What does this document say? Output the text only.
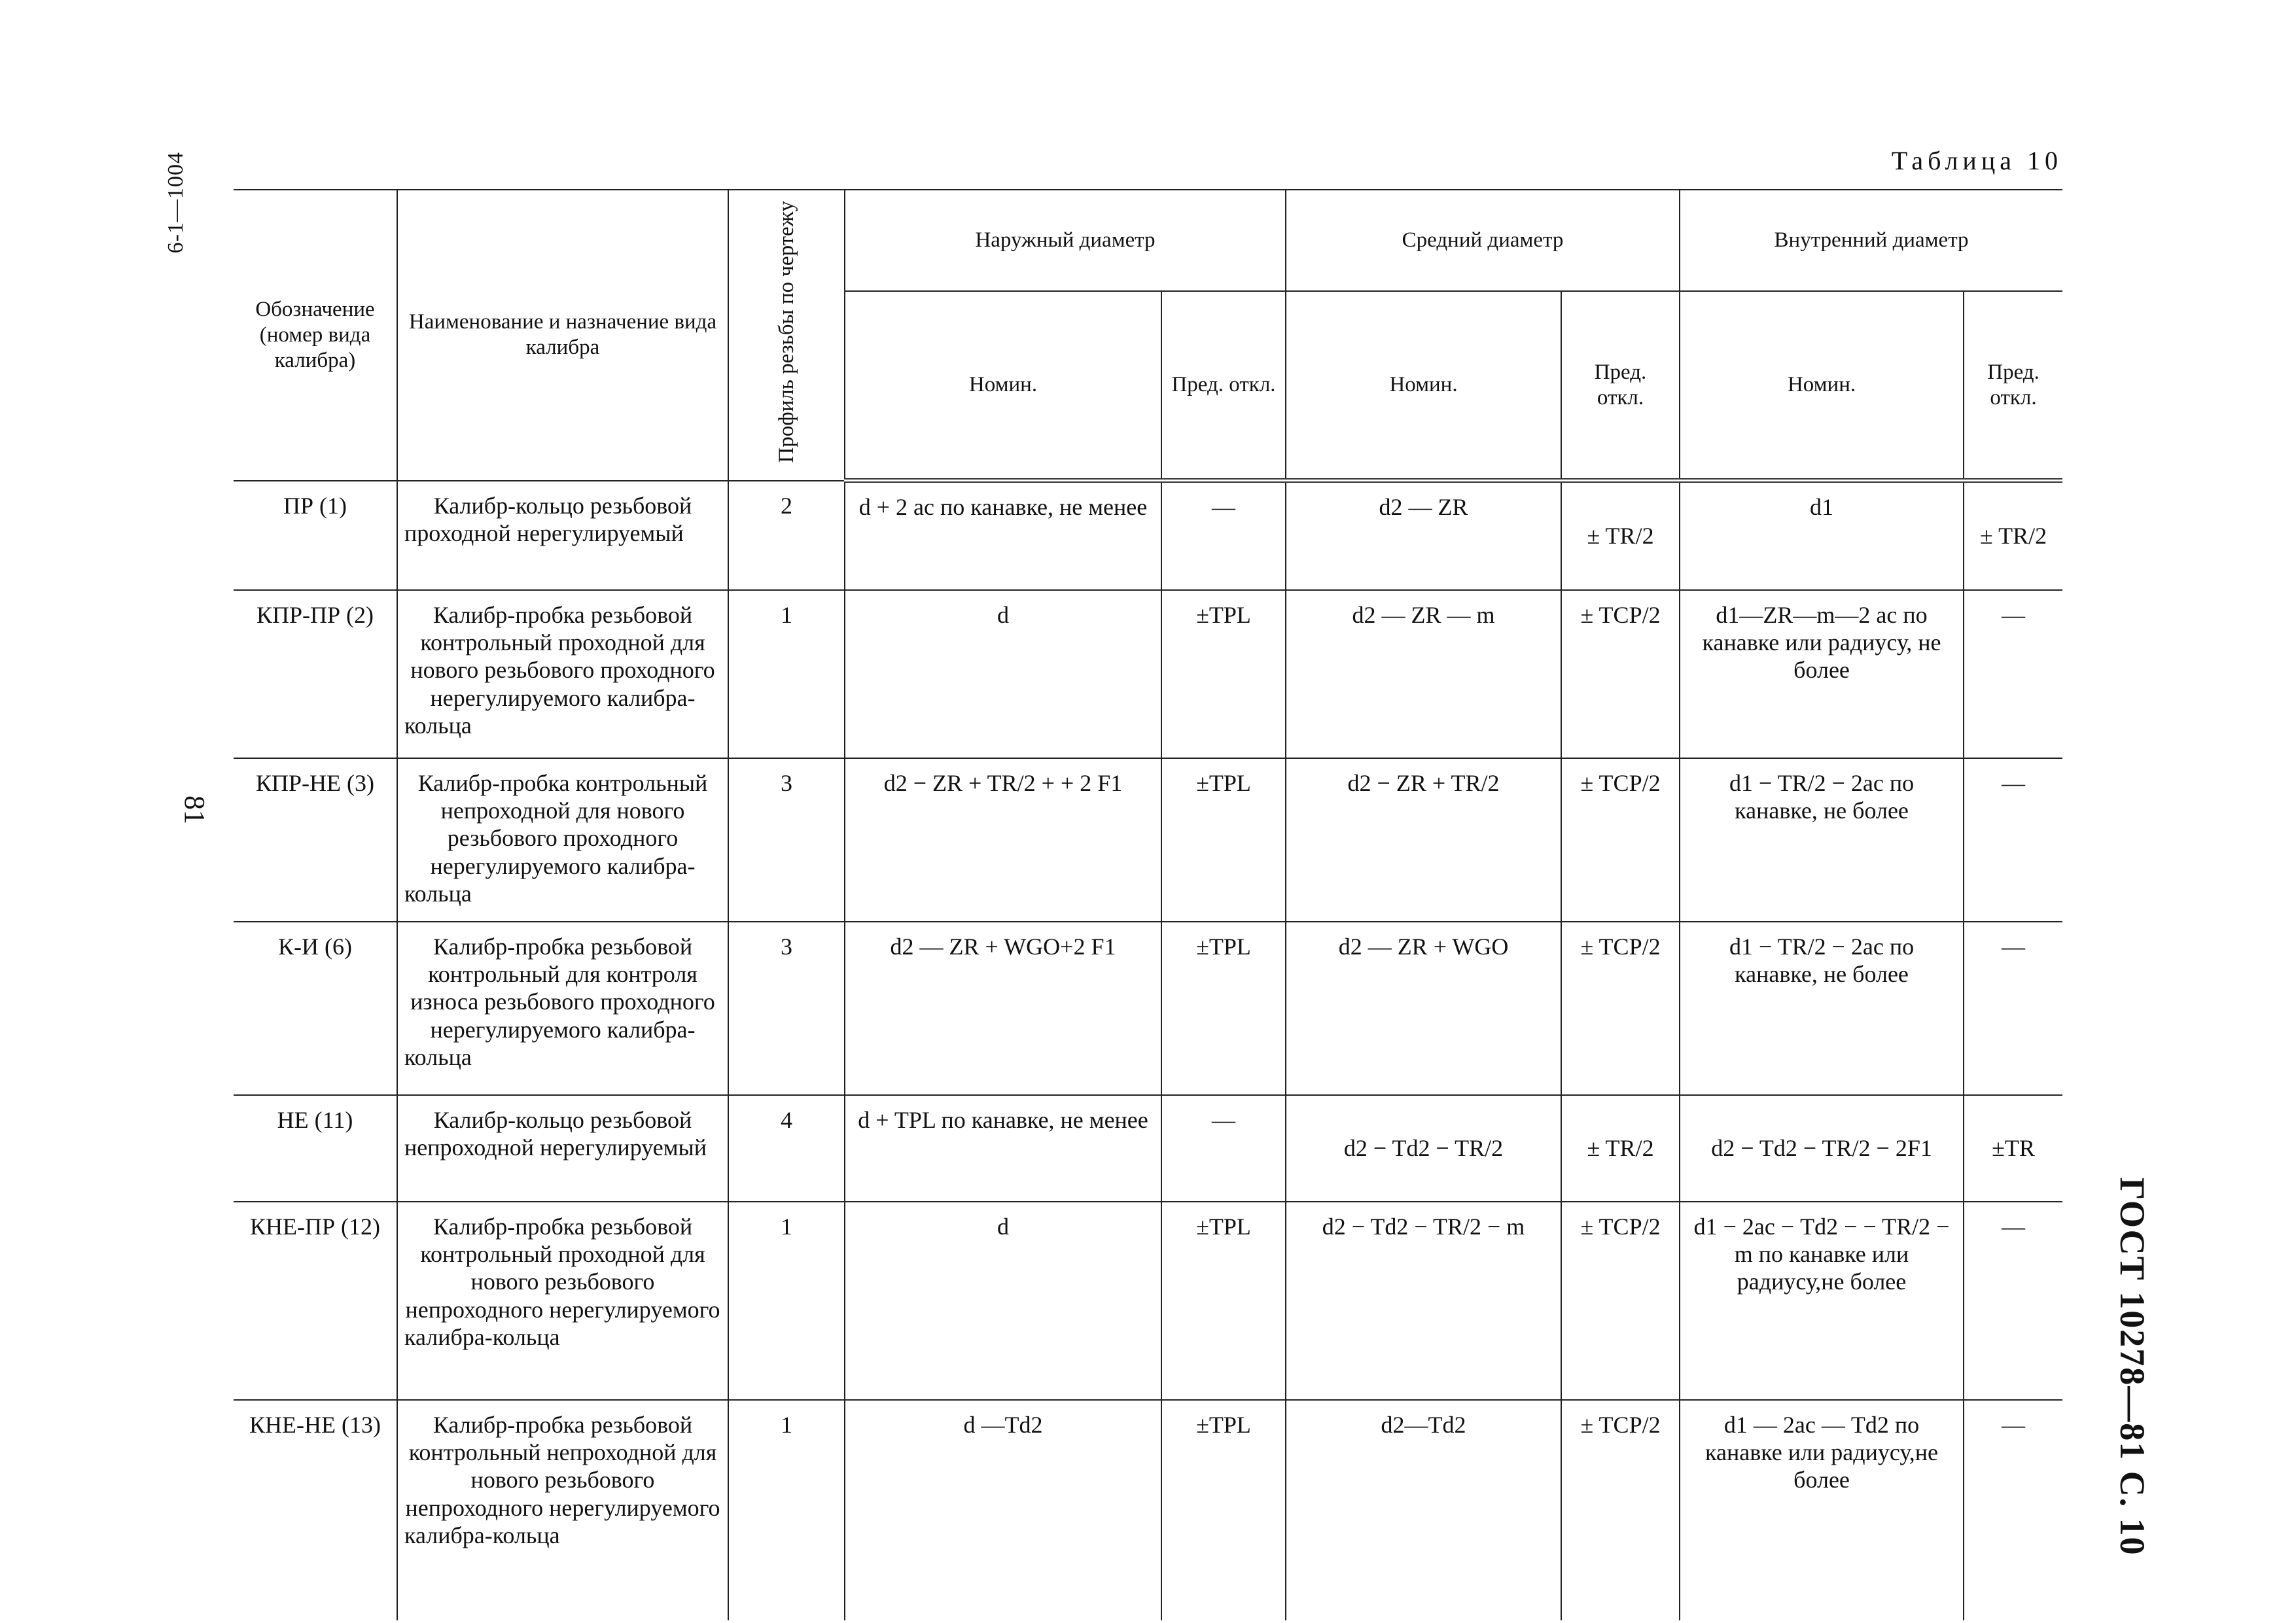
6-1—1004
81
ГОСТ 10278—81 С. 10
Таблица 10
Обозначение (номер вида калибра)	Наименование и назначение вида калибра	Профиль резьбы по чертежу	Наружный диаметр		Средний диаметр		Внутренний диаметр	
			Номин.	Пред. откл.	Номин.	Пред. откл.	Номин.	Пред. откл.
ПР (1)	Калибр-кольцо резьбовой проходной нерегулируемый	2	d + 2 aс по канавке, не менее	—	d2 — ZR	± TR/2	d1	± TR/2
КПР-ПР (2)	Калибр-пробка резьбовой контрольный проходной для нового резьбового проходного нерегулируемого калибра-кольца	1	d	±TPL	d2 — ZR — m	± TCP/2	d1—ZR—m—2 aс по канавке или радиусу, не более	—
КПР-НЕ (3)	Калибр-пробка контрольный непроходной для нового резьбового проходного нерегулируемого калибра-кольца	3	d2 − ZR + TR/2 + + 2 F1	±TPL	d2 − ZR + TR/2	± TCP/2	d1 − TR/2 − 2aс по канавке, не более	—
К-И (6)	Калибр-пробка резьбовой контрольный для контроля износа резьбового проходного нерегулируемого калибра-кольца	3	d2 — ZR + WGO+2 F1	±TPL	d2 — ZR + WGO	± TCP/2	d1 − TR/2 − 2aс по канавке, не более	—
НЕ (11)	Калибр-кольцо резьбовой непроходной нерегулируемый	4	d + TPL по канавке, не менее	—	d2 − Td2 − TR/2	± TR/2	d2 − Td2 − TR/2 − 2F1	±TR
КНЕ-ПР (12)	Калибр-пробка резьбовой контрольный проходной для нового резьбового непроходного нерегулируемого калибра-кольца	1	d	±TPL	d2 − Td2 − TR/2 − m	± TCP/2	d1 − 2aс − Td2 − − TR/2 − m по канавке или радиусу,не более	—
КНЕ-НЕ (13)	Калибр-пробка резьбовой контрольный непроходной для нового резьбового непроходного нерегулируемого калибра-кольца	1	d —Td2	±TPL	d2—Td2	± TCP/2	d1 — 2aс — Td2 по канавке или радиусу,не более	—
